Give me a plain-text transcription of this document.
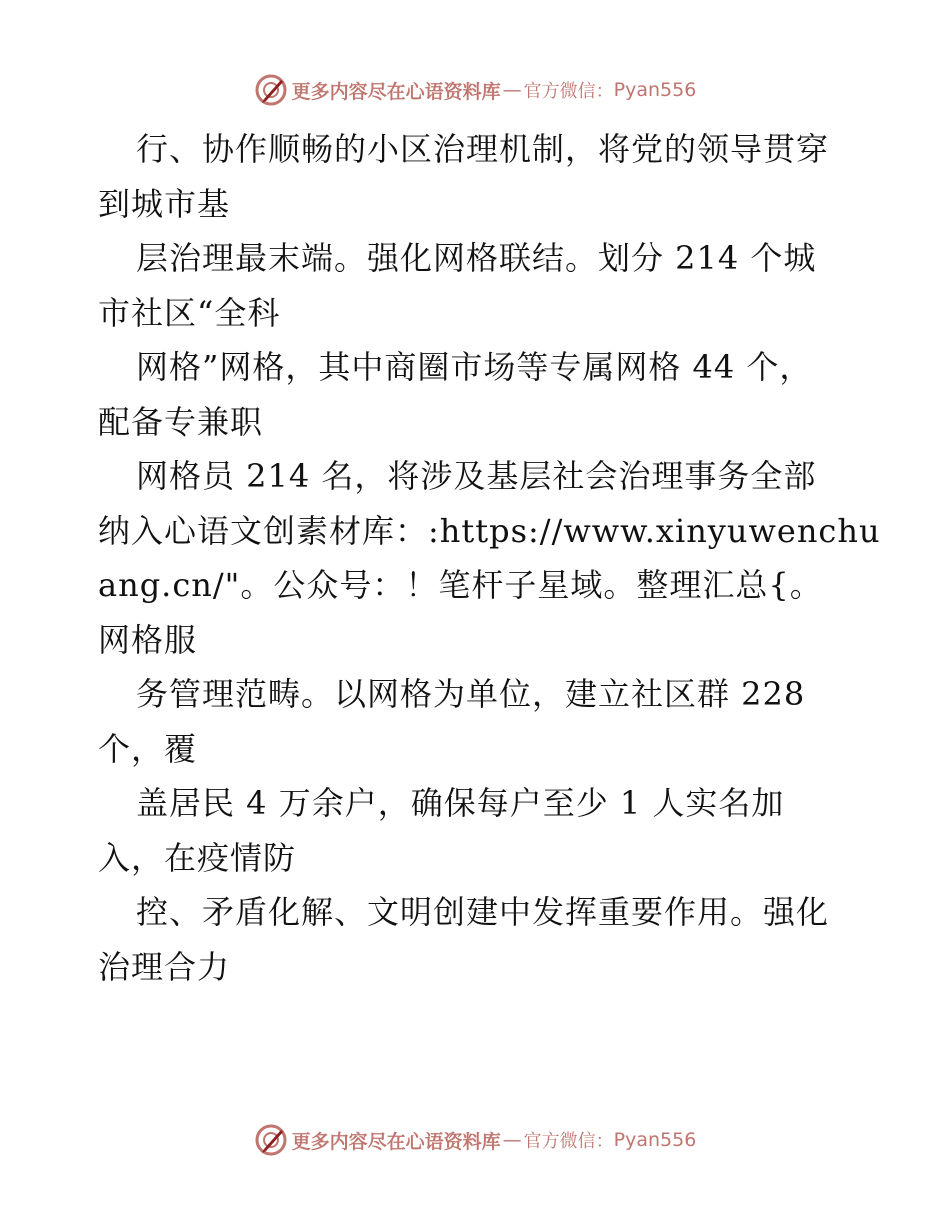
更多内容尽在心语资料库 — 官方微信： Pyan556
行、协作顺畅的小区治理机制，将党的领导贯穿
到城市基
层治理最末端。强化网格联结。划分 214 个城
市社区“全科
网格”网格，其中商圈市场等专属网格 44 个，
配备专兼职
网格员 214 名，将涉及基层社会治理事务全部
纳入心语文创素材库：:https://www.xinyuwenchu
ang.cn/"。公众号：！笔杆子星域。整理汇总{。
网格服
务管理范畴。以网格为单位，建立社区群 228
个，覆
盖居民 4 万余户，确保每户至少 1 人实名加
入，在疫情防
控、矛盾化解、文明创建中发挥重要作用。强化
治理合力
更多内容尽在心语资料库 — 官方微信： Pyan556
